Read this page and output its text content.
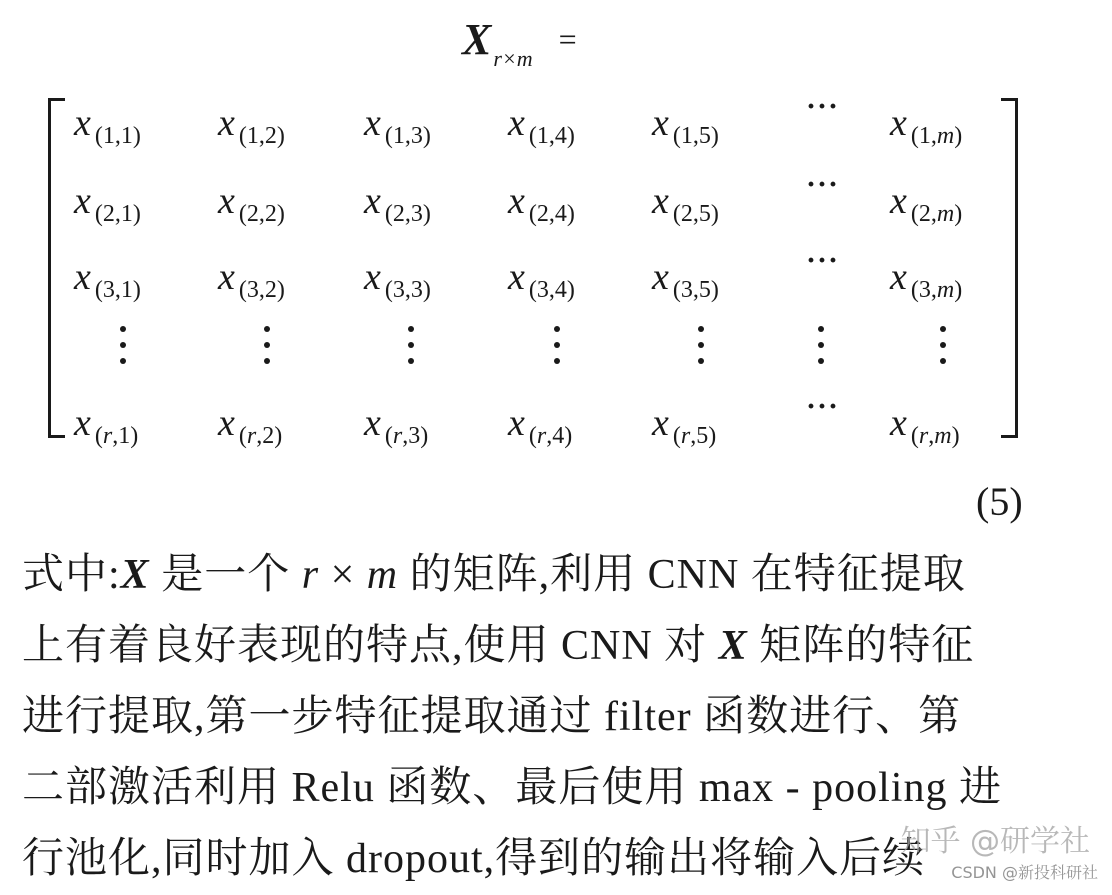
Xr×m=
x $_{(1,1)}$ x $_{(1,2)}$ x $_{(1,3)}$ x $_{(1,4)}$ x $_{(1,5)}$
··· x $_{(1,m)}$
x $_{(2,1)}$ x $_{(2,2)}$ x $_{(2,3)}$ x $_{(2,4)}$ x $_{(2,5)}$
··· x $_{(2,m)}$
x $_{(3,1)}$ x $_{(3,2)}$ x $_{(3,3)}$ x $_{(3,4)}$ x $_{(3,5)}$
··· x $_{(3,m)}$
x $_{(r,1)}$ x $_{(r,2)}$ x $_{(r,3)}$ x $_{(r,4)}$ x $_{(r,5)}$
··· x $_{(r,m)}$
(5)
式中:X 是一个 r × m 的矩阵,利用 CNN 在特征提取
上有着良好表现的特点,使用 CNN 对 X 矩阵的特征
进行提取,第一步特征提取通过 filter 函数进行、第
二部激活利用 Relu 函数、最后使用 max - pooling 进
行池化,同时加入 dropout,得到的输出将输入后续
知乎 @研学社
CSDN @新投科研社
